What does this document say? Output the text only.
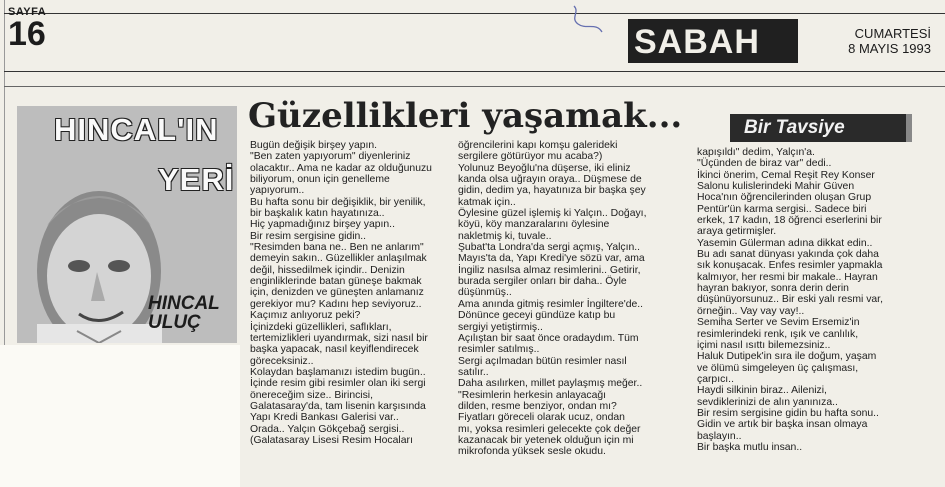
SAYFA
16	SABAH	CUMARTESİ
8 MAYIS 1993
HINCAL'IN
YERİ
HINCAL
ULUÇ
Güzellikleri yaşamak...	Bir Tavsiye
Bugün değişik birşey yapın.
"Ben zaten yapıyorum" diyenleriniz
olacaktır.. Ama ne kadar az olduğunuzu
biliyorum, onun için genelleme
yapıyorum..
Bu hafta sonu bir değişiklik, bir yenilik,
bir başkalık katın hayatınıza..
Hiç yapmadığınız birşey yapın..
Bir resim sergisine gidin..
"Resimden bana ne.. Ben ne anlarım"
demeyin sakın.. Güzellikler anlaşılmak
değil, hissedilmek içindir.. Denizin
enginliklerinde batan güneşe bakmak
için, denizden ve güneşten anlamanız
gerekiyor mu? Kadını hep seviyoruz..
Kaçımız anlıyoruz peki?
İçinizdeki güzellikleri, saflıkları,
tertemizlikleri uyandırmak, sizi nasıl bir
başka yapacak, nasıl keyiflendirecek
göreceksiniz..
Kolaydan başlamanızı istedim bugün..
İçinde resim gibi resimler olan iki sergi
önereceğim size.. Birincisi,
Galatasaray'da, tam lisenin karşısında
Yapı Kredi Bankası Galerisi var..
Orada.. Yalçın Gökçebağ sergisi..
(Galatasaray Lisesi Resim Hocaları
öğrencilerini kapı komşu galerideki
sergilere götürüyor mu acaba?)
Yolunuz Beyoğlu'na düşerse, iki eliniz
kanda olsa uğrayın oraya.. Düşmese de
gidin, dedim ya, hayatınıza bir başka şey
katmak için..
Öylesine güzel işlemiş ki Yalçın.. Doğayı,
köyü, köy manzaralarını öylesine
nakletmiş ki, tuvale..
Şubat'ta Londra'da sergi açmış, Yalçın..
Mayıs'ta da, Yapı Kredi'ye sözü var, ama
İngiliz nasılsa almaz resimlerini.. Getirir,
burada sergiler onları bir daha.. Öyle
düşünmüş..
Ama anında gitmiş resimler İngiltere'de..
Dönünce geceyi gündüze katıp bu
sergiyi yetiştirmiş..
Açılıştan bir saat önce oradaydım. Tüm
resimler satılmış..
Sergi açılmadan bütün resimler nasıl
satılır..
Daha asılırken, millet paylaşmış meğer..
"Resimlerin herkesin anlayacağı
dilden, resme benziyor, ondan mı?
Fiyatları göreceli olarak ucuz, ondan
mı, yoksa resimleri gelecekte çok değer
kazanacak bir yetenek olduğun için mi
mikrofonda yüksek sesle okudu.
kapışıldı" dedim, Yalçın'a.
"Üçünden de biraz var" dedi..
İkinci önerim, Cemal Reşit Rey Konser
Salonu kulislerindeki Mahir Güven
Hoca'nın öğrencilerinden oluşan Grup
Pentür'ün karma sergisi.. Sadece biri
erkek, 17 kadın, 18 öğrenci eserlerini bir
araya getirmişler.
Yasemin Gülerman adına dikkat edin..
Bu adı sanat dünyası yakında çok daha
sık konuşacak. Enfes resimler yapmakla
kalmıyor, her resmi bir makale.. Hayran
hayran bakıyor, sonra derin derin
düşünüyorsunuz.. Bir eski yalı resmi var,
örneğin.. Vay vay vay!..
Semiha Serter ve Sevim Ersemiz'in
resimlerindeki renk, ışık ve canlılık,
içimi nasıl ısıttı bilemezsiniz..
Haluk Dutipek'in sıra ile doğum, yaşam
ve ölümü simgeleyen üç çalışması,
çarpıcı..
Haydi silkinin biraz.. Ailenizi,
sevdiklerinizi de alın yanınıza..
Bir resim sergisine gidin bu hafta sonu..
Gidin ve artık bir başka insan olmaya
başlayın..
Bir başka mutlu insan..
